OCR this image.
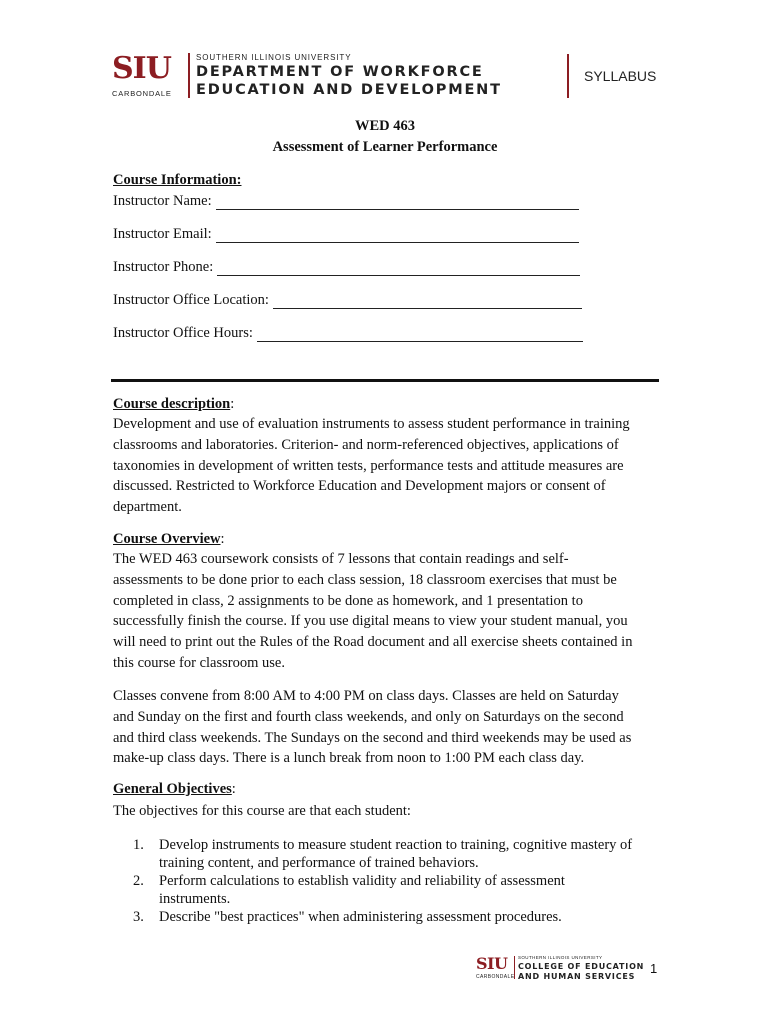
SIU
CARBONDALE
SOUTHERN ILLINOIS UNIVERSITY
DEPARTMENT OF WORKFORCE
EDUCATION AND DEVELOPMENT
SYLLABUS
WED 463
Assessment of Learner Performance
Course Information:
Instructor Name:
Instructor Email:
Instructor Phone:
Instructor Office Location:
Instructor Office Hours:
Course description:
Development and use of evaluation instruments to assess student performance in training
classrooms and laboratories. Criterion- and norm-referenced objectives, applications of
taxonomies in development of written tests, performance tests and attitude measures are
discussed. Restricted to Workforce Education and Development majors or consent of
department.
Course Overview:
The WED 463 coursework consists of 7 lessons that contain readings and self-
assessments to be done prior to each class session, 18 classroom exercises that must be
completed in class, 2 assignments to be done as homework, and 1 presentation to
successfully finish the course. If you use digital means to view your student manual, you
will need to print out the Rules of the Road document and all exercise sheets contained in
this course for classroom use.
Classes convene from 8:00 AM to 4:00 PM on class days. Classes are held on Saturday
and Sunday on the first and fourth class weekends, and only on Saturdays on the second
and third class weekends. The Sundays on the second and third weekends may be used as
make-up class days. There is a lunch break from noon to 1:00 PM each class day.
General Objectives:
The objectives for this course are that each student:
1. Develop instruments to measure student reaction to training, cognitive mastery of
training content, and performance of trained behaviors.
2. Perform calculations to establish validity and reliability of assessment
instruments.
3. Describe "best practices" when administering assessment procedures.
SIU
CARBONDALE
SOUTHERN ILLINOIS UNIVERSITY
COLLEGE OF EDUCATION
AND HUMAN SERVICES
1
